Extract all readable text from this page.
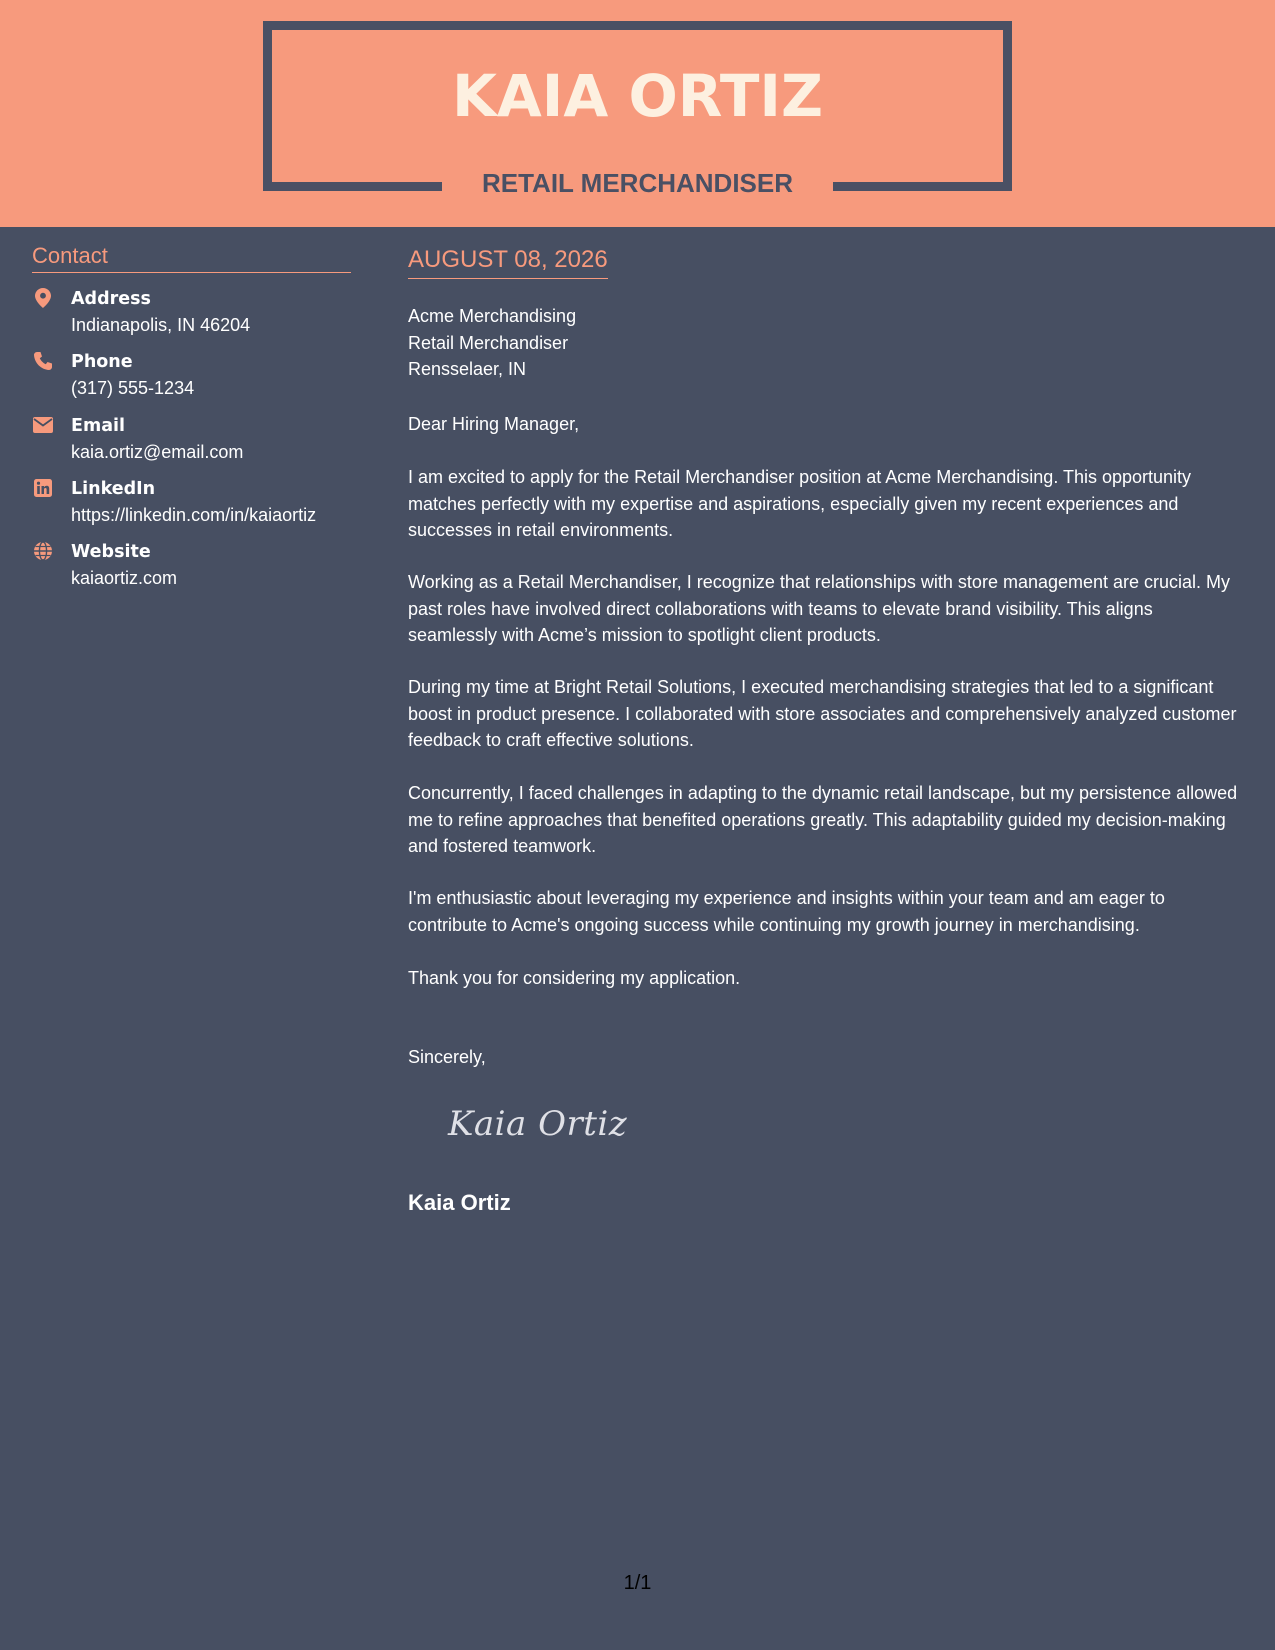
KAIA ORTIZ
RETAIL MERCHANDISER
Contact
Address
Indianapolis, IN 46204
Phone
(317) 555-1234
Email
kaia.ortiz@email.com
LinkedIn
https://linkedin.com/in/kaiaortiz
Website
kaiaortiz.com
AUGUST 08, 2026
Acme Merchandising
Retail Merchandiser
Rensselaer, IN

Dear Hiring Manager,

I am excited to apply for the Retail Merchandiser position at Acme Merchandising. This opportunity matches perfectly with my expertise and aspirations, especially given my recent experiences and successes in retail environments.

Working as a Retail Merchandiser, I recognize that relationships with store management are crucial. My past roles have involved direct collaborations with teams to elevate brand visibility. This aligns seamlessly with Acme’s mission to spotlight client products.

During my time at Bright Retail Solutions, I executed merchandising strategies that led to a significant boost in product presence. I collaborated with store associates and comprehensively analyzed customer feedback to craft effective solutions.

Concurrently, I faced challenges in adapting to the dynamic retail landscape, but my persistence allowed me to refine approaches that benefited operations greatly. This adaptability guided my decision-making and fostered teamwork.

I'm enthusiastic about leveraging my experience and insights within your team and am eager to contribute to Acme's ongoing success while continuing my growth journey in merchandising.

Thank you for considering my application.

Sincerely,

Kaia Ortiz
Kaia Ortiz
1/1
